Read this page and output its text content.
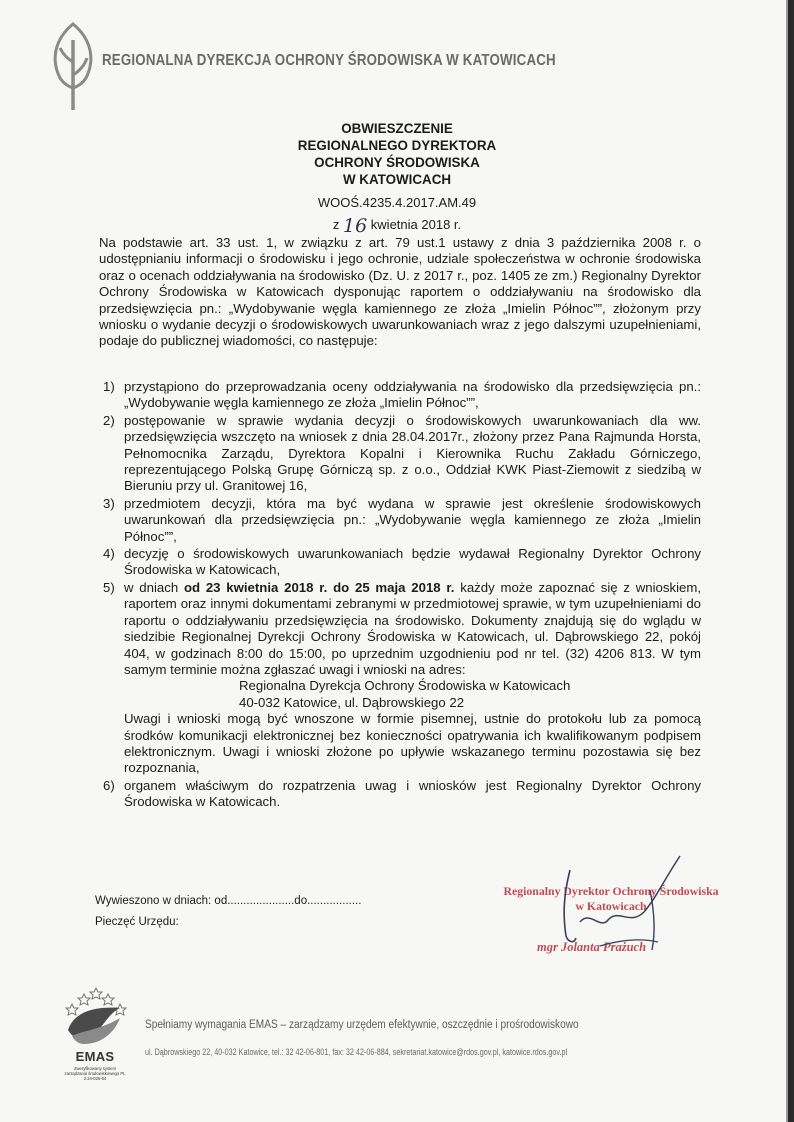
REGIONALNA DYREKCJA OCHRONY ŚRODOWISKA W KATOWICACH
OBWIESZCZENIE
REGIONALNEGO DYREKTORA
OCHRONY ŚRODOWISKA
W KATOWICACH
WOOŚ.4235.4.2017.AM.49
z 16 kwietnia 2018 r.
Na podstawie art. 33 ust. 1, w związku z art. 79 ust.1 ustawy z dnia 3 października 2008 r. o udostępnianiu informacji o środowisku i jego ochronie, udziale społeczeństwa w ochronie środowiska oraz o ocenach oddziaływania na środowisko (Dz. U. z 2017 r., poz. 1405 ze zm.) Regionalny Dyrektor Ochrony Środowiska w Katowicach dysponując raportem o oddziaływaniu na środowisko dla przedsięwzięcia pn.: „Wydobywanie węgla kamiennego ze złoża „Imielin Północ””, złożonym przy wniosku o wydanie decyzji o środowiskowych uwarunkowaniach wraz z jego dalszymi uzupełnieniami, podaje do publicznej wiadomości, co następuje:
1) przystąpiono do przeprowadzania oceny oddziaływania na środowisko dla przedsięwzięcia pn.: „Wydobywanie węgla kamiennego ze złoża „Imielin Północ””,
2) postępowanie w sprawie wydania decyzji o środowiskowych uwarunkowaniach dla ww. przedsięwzięcia wszczęto na wniosek z dnia 28.04.2017r., złożony przez Pana Rajmunda Horsta, Pełnomocnika Zarządu, Dyrektora Kopalni i Kierownika Ruchu Zakładu Górniczego, reprezentującego Polską Grupę Górniczą sp. z o.o., Oddział KWK Piast-Ziemowit z siedzibą w Bieruniu przy ul. Granitowej 16,
3) przedmiotem decyzji, która ma być wydana w sprawie jest określenie środowiskowych uwarunkowań dla przedsięwzięcia pn.: „Wydobywanie węgla kamiennego ze złoża „Imielin Północ””,
4) decyzję o środowiskowych uwarunkowaniach będzie wydawał Regionalny Dyrektor Ochrony Środowiska w Katowicach,
5) w dniach od 23 kwietnia 2018 r. do 25 maja 2018 r. każdy może zapoznać się z wnioskiem, raportem oraz innymi dokumentami zebranymi w przedmiotowej sprawie, w tym uzupełnieniami do raportu o oddziaływaniu przedsięwzięcia na środowisko. Dokumenty znajdują się do wglądu w siedzibie Regionalnej Dyrekcji Ochrony Środowiska w Katowicach, ul. Dąbrowskiego 22, pokój 404, w godzinach 8:00 do 15:00, po uprzednim uzgodnieniu pod nr tel. (32) 4206 813. W tym samym terminie można zgłaszać uwagi i wnioski na adres:
Regionalna Dyrekcja Ochrony Środowiska w Katowicach
40-032 Katowice, ul. Dąbrowskiego 22
Uwagi i wnioski mogą być wnoszone w formie pisemnej, ustnie do protokołu lub za pomocą środków komunikacji elektronicznej bez konieczności opatrywania ich kwalifikowanym podpisem elektronicznym. Uwagi i wnioski złożone po upływie wskazanego terminu pozostawia się bez rozpoznania,
6) organem właściwym do rozpatrzenia uwag i wniosków jest Regionalny Dyrektor Ochrony Środowiska w Katowicach.
Wywieszono w dniach: od.....................do.................
Pieczęć Urzędu:
Regionalny Dyrektor Ochrony Środowiska
w Katowicach
mgr Jolanta Prażuch
EMAS
Zweryfikowany system zarządzania środowiskowego PL 2.24-025-64
Spełniamy wymagania EMAS – zarządzamy urzędem efektywnie, oszczędnie i prośrodowiskowo
ul. Dąbrowskiego 22, 40-032 Katowice, tel.: 32 42-06-801, fax: 32 42-06-884, sekretariat.katowice@rdos.gov.pl, katowice.rdos.gov.pl
